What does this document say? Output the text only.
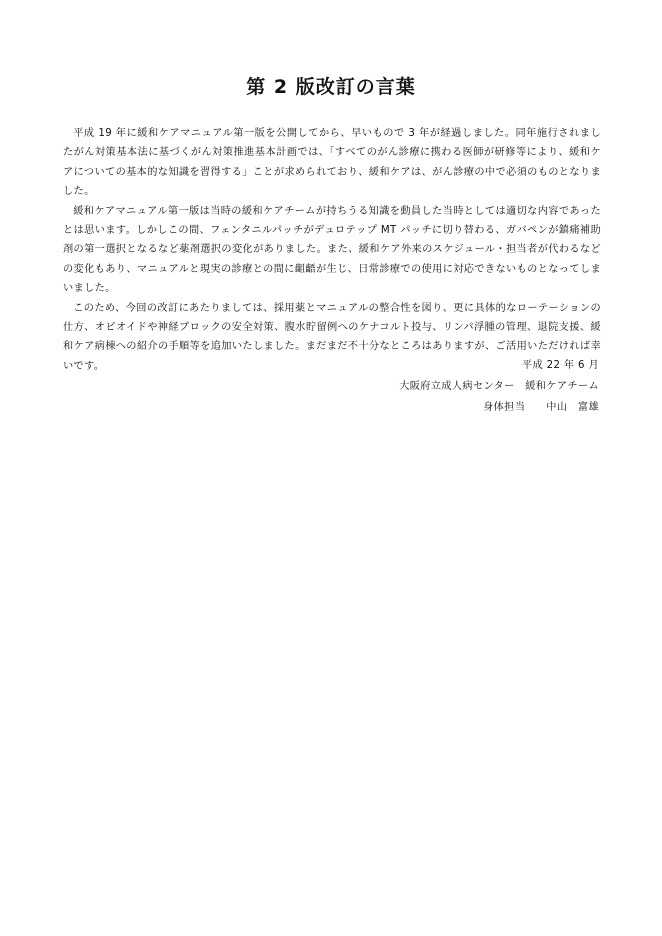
第 2 版改訂の言葉

平成 19 年に緩和ケアマニュアル第一版を公開してから、早いもので 3 年が経過しました。同年施行されましたがん対策基本法に基づくがん対策推進基本計画では、「すべてのがん診療に携わる医師が研修等により、緩和ケアについての基本的な知識を習得する」ことが求められており、緩和ケアは、がん診療の中で必須のものとなりました。

緩和ケアマニュアル第一版は当時の緩和ケアチームが持ちうる知識を動員した当時としては適切な内容であったとは思います。しかしこの間、フェンタニルパッチがデュロテップ MT パッチに切り替わる、ガバペンが鎮痛補助剤の第一選択となるなど薬剤選択の変化がありました。また、緩和ケア外来のスケジュール・担当者が代わるなどの変化もあり、マニュアルと現実の診療との間に齟齬が生じ、日常診療での使用に対応できないものとなってしまいました。

このため、今回の改訂にあたりましては、採用薬とマニュアルの整合性を図り、更に具体的なローテーションの仕方、オピオイドや神経ブロックの安全対策、腹水貯留例へのケナコルト投与、リンパ浮腫の管理、退院支援、緩和ケア病棟への紹介の手順等を追加いたしました。まだまだ不十分なところはありますが、ご活用いただければ幸いです。	平成 22 年 6 月
大阪府立成人病センター　緩和ケアチーム
身体担当　　中山　富雄
